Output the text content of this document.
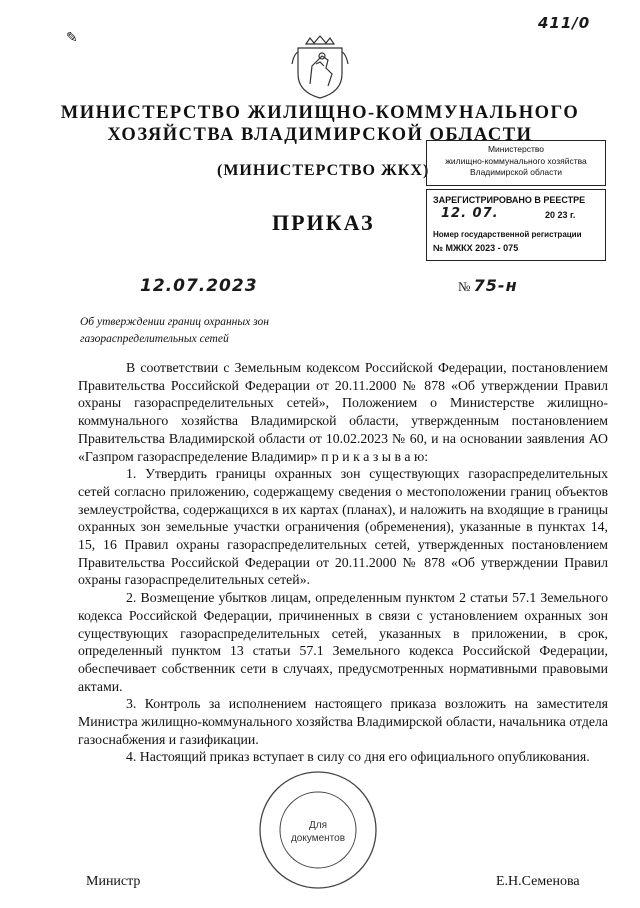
411/0
✎
МИНИСТЕРСТВО ЖИЛИЩНО-КОММУНАЛЬНОГО
ХОЗЯЙСТВА ВЛАДИМИРСКОЙ ОБЛАСТИ
(МИНИСТЕРСТВО ЖКХ)
ПРИКАЗ
Министерство
жилищно-коммунального хозяйства
Владимирской области
ЗАРЕГИСТРИРОВАНО В РЕЕСТРЕ
12. 07.	20 23 г.
Номер государственной регистрации
№ МЖКХ 2023 - 075
12.07.2023	№ 75-н
Об утверждении границ охранных зон газораспределительных сетей

В соответствии с Земельным кодексом Российской Федерации, постановлением Правительства Российской Федерации от 20.11.2000 № 878 «Об утверждении Правил охраны газораспределительных сетей», Положением о Министерстве жилищно-коммунального хозяйства Владимирской области, утвержденным постановлением Правительства Владимирской области от 10.02.2023 № 60, и на основании заявления АО «Газпром газораспределение Владимир» п р и к а з ы в а ю:

1. Утвердить границы охранных зон существующих газораспределительных сетей согласно приложению, содержащему сведения о местоположении границ объектов землеустройства, содержащихся в их картах (планах), и наложить на входящие в границы охранных зон земельные участки ограничения (обременения), указанные в пунктах 14, 15, 16 Правил охраны газораспределительных сетей, утвержденных постановлением Правительства Российской Федерации от 20.11.2000 № 878 «Об утверждении Правил охраны газораспределительных сетей».

2. Возмещение убытков лицам, определенным пунктом 2 статьи 57.1 Земельного кодекса Российской Федерации, причиненных в связи с установлением охранных зон существующих газораспределительных сетей, указанных в приложении, в срок, определенный пунктом 13 статьи 57.1 Земельного кодекса Российской Федерации, обеспечивает собственник сети в случаях, предусмотренных нормативными правовыми актами.

3. Контроль за исполнением настоящего приказа возложить на заместителя Министра жилищно-коммунального хозяйства Владимирской области, начальника отдела газоснабжения и газификации.

4. Настоящий приказ вступает в силу со дня его официального опубликования.

Для
документов
Министр	Е.Н.Семенова
